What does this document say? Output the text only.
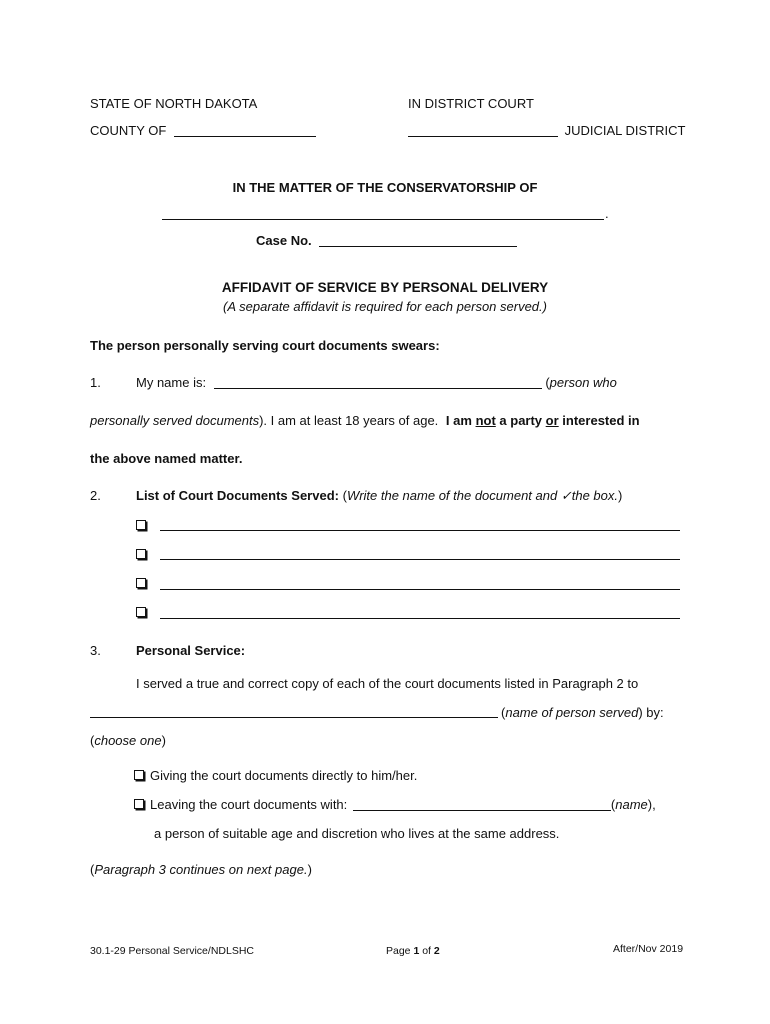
STATE OF NORTH DAKOTA	IN DISTRICT COURT
COUNTY OF	JUDICIAL DISTRICT
IN THE MATTER OF THE CONSERVATORSHIP OF
.
Case No.
AFFIDAVIT OF SERVICE BY PERSONAL DELIVERY
(A separate affidavit is required for each person served.)
The person personally serving court documents swears:
1.	My name is:	(person who
personally served documents). I am at least 18 years of age. I am not a party or interested in
the above named matter.
2.	List of Court Documents Served: (Write the name of the document and ✓the box.)
3.	Personal Service:
I served a true and correct copy of each of the court documents listed in Paragraph 2 to
(name of person served) by:
(choose one)
Giving the court documents directly to him/her.
Leaving the court documents with:	(name),
a person of suitable age and discretion who lives at the same address.
(Paragraph 3 continues on next page.)
30.1-29 Personal Service/NDLSHC	Page 1 of 2	After/Nov 2019
